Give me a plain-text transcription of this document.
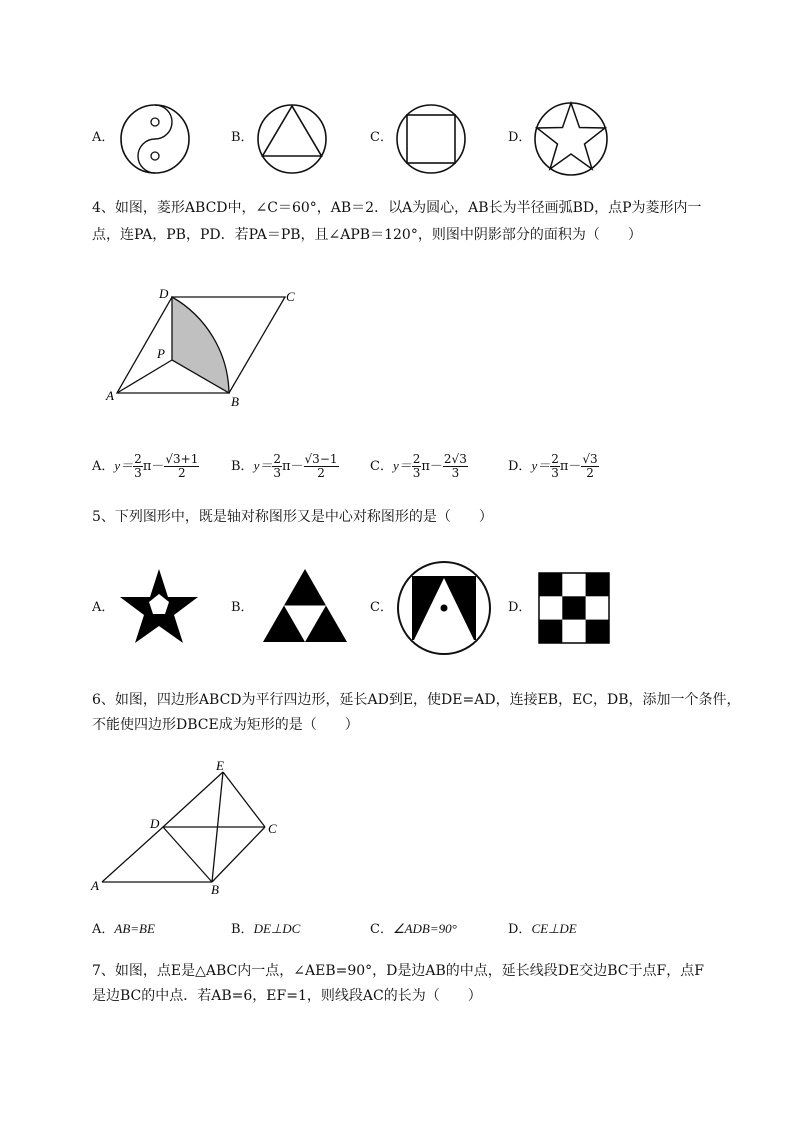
A．	B．	C．	D．
4、如图，菱形ABCD中，∠C＝60°，AB＝2．以A为圆心，AB长为半径画弧BD，点P为菱形内一
点，连PA，PB，PD．若PA＝PB，且∠APB＝120°，则图中阴影部分的面积为（　　）
A	B
C
D
P
A．$y= \frac{2}{3} \pi- \frac{√3+1}{2}$ B．$y= \frac{2}{3} \pi- \frac{√3-1}{2}$ C．$y= \frac{2}{3} \pi- \frac{2√3}{3}$	D．$y= \frac{2}{3} \pi- \frac{√3}{2}$
5、下列图形中，既是轴对称图形又是中心对称图形的是（　　）
A．	B．	C．	D．
6、如图，四边形ABCD为平行四边形，延长AD到E，使DE=AD，连接EB，EC，DB，添加一个条件，
不能使四边形DBCE成为矩形的是（　　）
A	B
C
D
E
A．AB=BE	B．DE⊥DC	C．∠ADB=90°	D．CE⊥DE
7、如图，点E是△ABC内一点，∠AEB=90°，D是边AB的中点，延长线段DE交边BC于点F，点F
是边BC的中点．若AB=6，EF=1，则线段AC的长为（　　）
